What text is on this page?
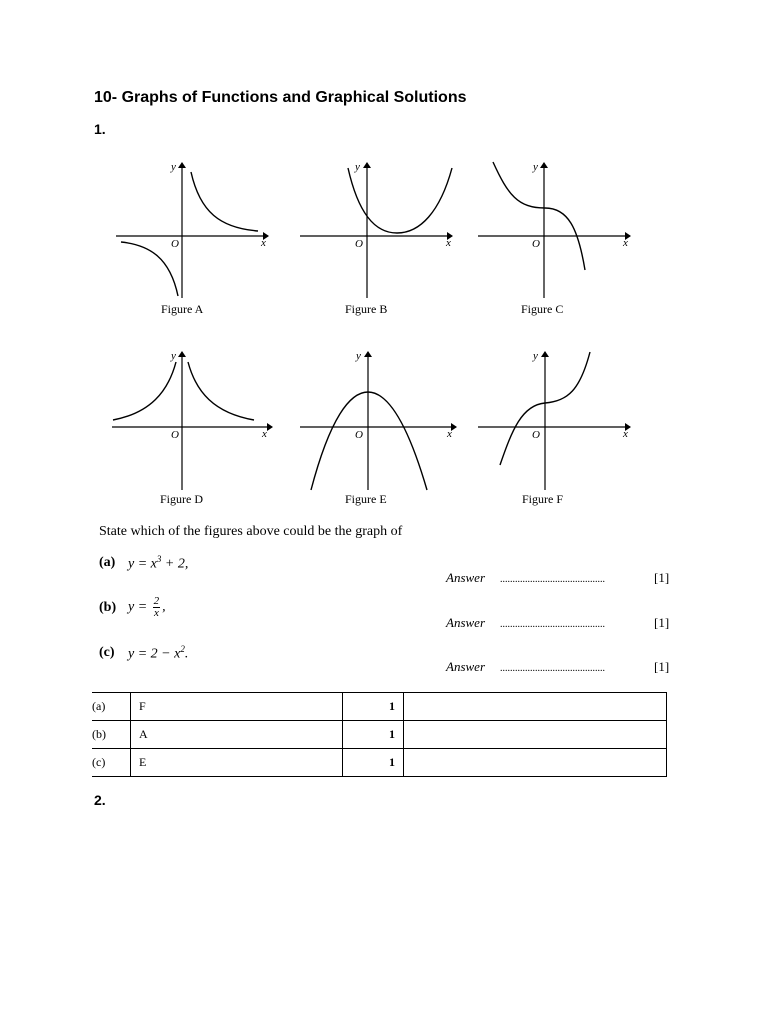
10- Graphs of Functions and Graphical Solutions
1.
y
x
O
Figure A
y
x
O
Figure B
y
x
O
Figure C
y
x
O
Figure D
y
x
O
Figure E
y
x
O
Figure F
State which of the figures above could be the graph of
(a) $y = x^3 + 2$,
Answer	..........................................	[1]
(b) $y = \frac{2}{x}$ ,
Answer	..........................................	[1]
(c) $y = 2 - x^2$.
Answer	..........................................	[1]
(a)	F	1	
(b)	A	1	
(c)	E	1	
2.
